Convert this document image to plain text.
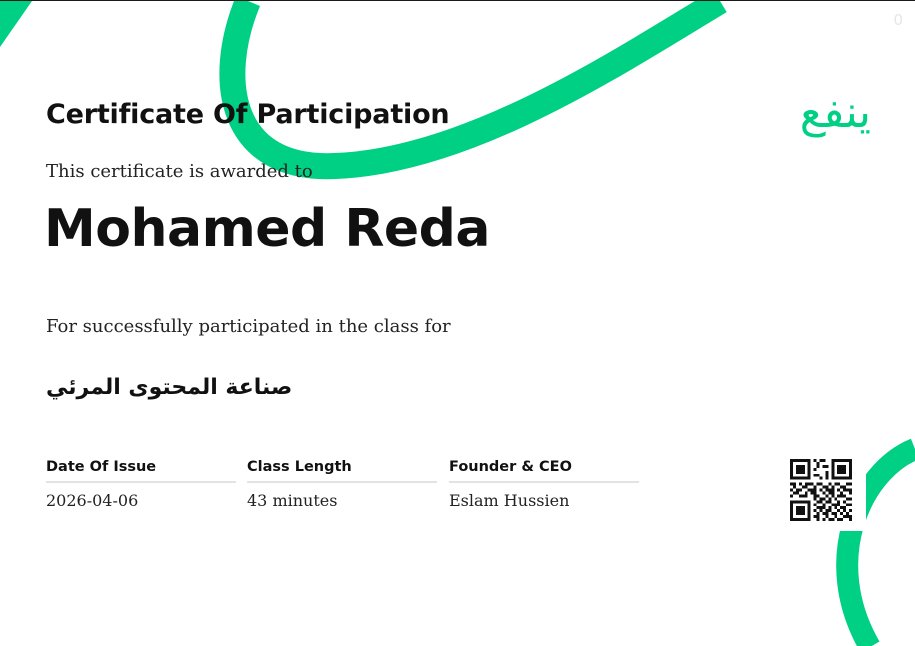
0
Certificate Of Participation
This certificate is awarded to
Mohamed Reda
For successfully participated in the class for
صناعة المحتوى المرئي
ينفع
Date Of Issue
2026-04-06
Class Length
43 minutes
Founder & CEO
Eslam Hussien
